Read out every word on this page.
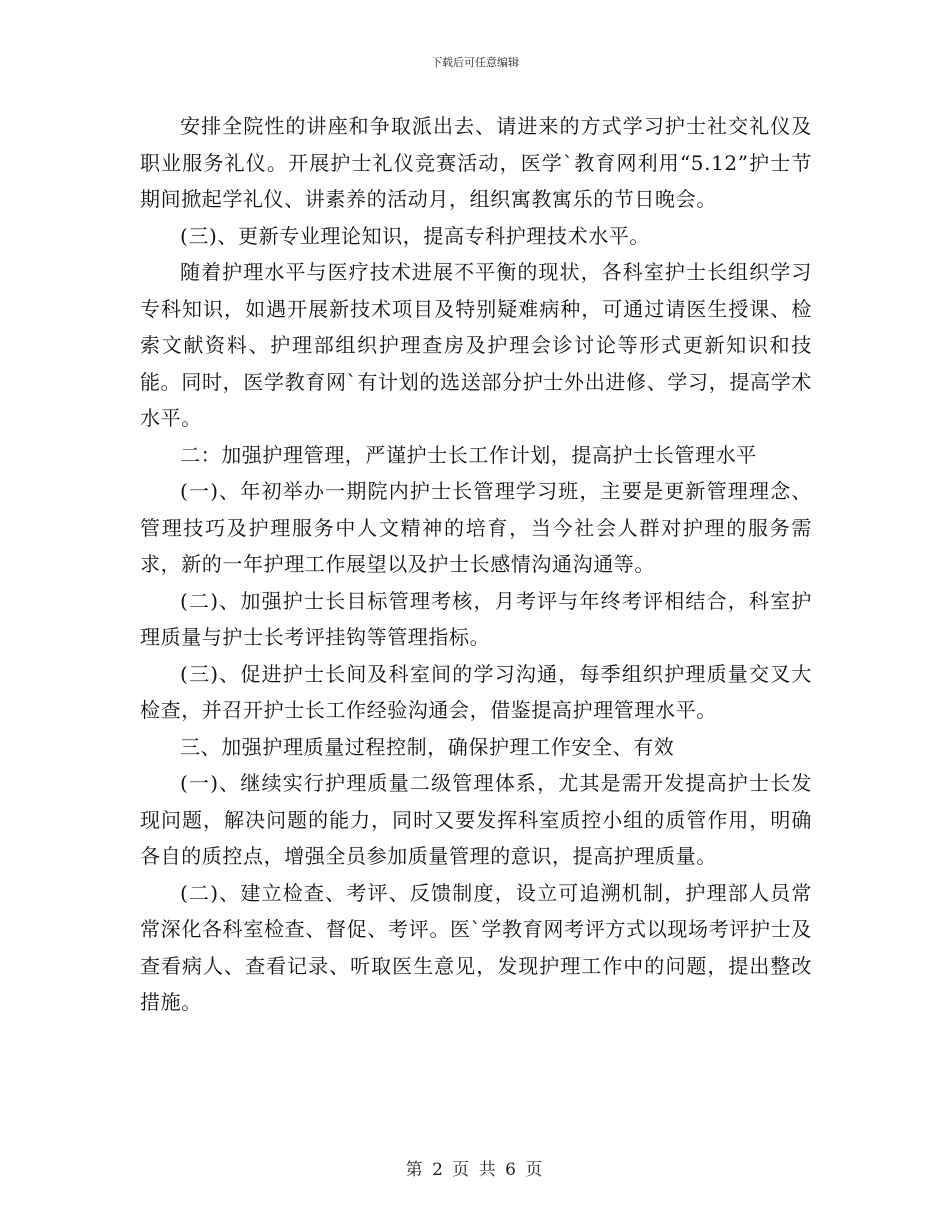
下载后可任意编辑

安排全院性的讲座和争取派出去、请进来的方式学习护士社交礼仪及职业服务礼仪。开展护士礼仪竞赛活动，医学`教育网利用“5.12”护士节期间掀起学礼仪、讲素养的活动月，组织寓教寓乐的节日晚会。

(三)、更新专业理论知识，提高专科护理技术水平。

随着护理水平与医疗技术进展不平衡的现状，各科室护士长组织学习专科知识，如遇开展新技术项目及特别疑难病种，可通过请医生授课、检索文献资料、护理部组织护理查房及护理会诊讨论等形式更新知识和技能。同时，医学教育网`有计划的选送部分护士外出进修、学习，提高学术水平。

二：加强护理管理，严谨护士长工作计划，提高护士长管理水平

(一)、年初举办一期院内护士长管理学习班，主要是更新管理理念、管理技巧及护理服务中人文精神的培育，当今社会人群对护理的服务需求，新的一年护理工作展望以及护士长感情沟通沟通等。

(二)、加强护士长目标管理考核，月考评与年终考评相结合，科室护理质量与护士长考评挂钩等管理指标。

(三)、促进护士长间及科室间的学习沟通，每季组织护理质量交叉大检查，并召开护士长工作经验沟通会，借鉴提高护理管理水平。

三、加强护理质量过程控制，确保护理工作安全、有效

(一)、继续实行护理质量二级管理体系，尤其是需开发提高护士长发现问题，解决问题的能力，同时又要发挥科室质控小组的质管作用，明确各自的质控点，增强全员参加质量管理的意识，提高护理质量。

(二)、建立检查、考评、反馈制度，设立可追溯机制，护理部人员常常深化各科室检查、督促、考评。医`学教育网考评方式以现场考评护士及查看病人、查看记录、听取医生意见，发现护理工作中的问题，提出整改措施。

第 2 页 共 6 页
